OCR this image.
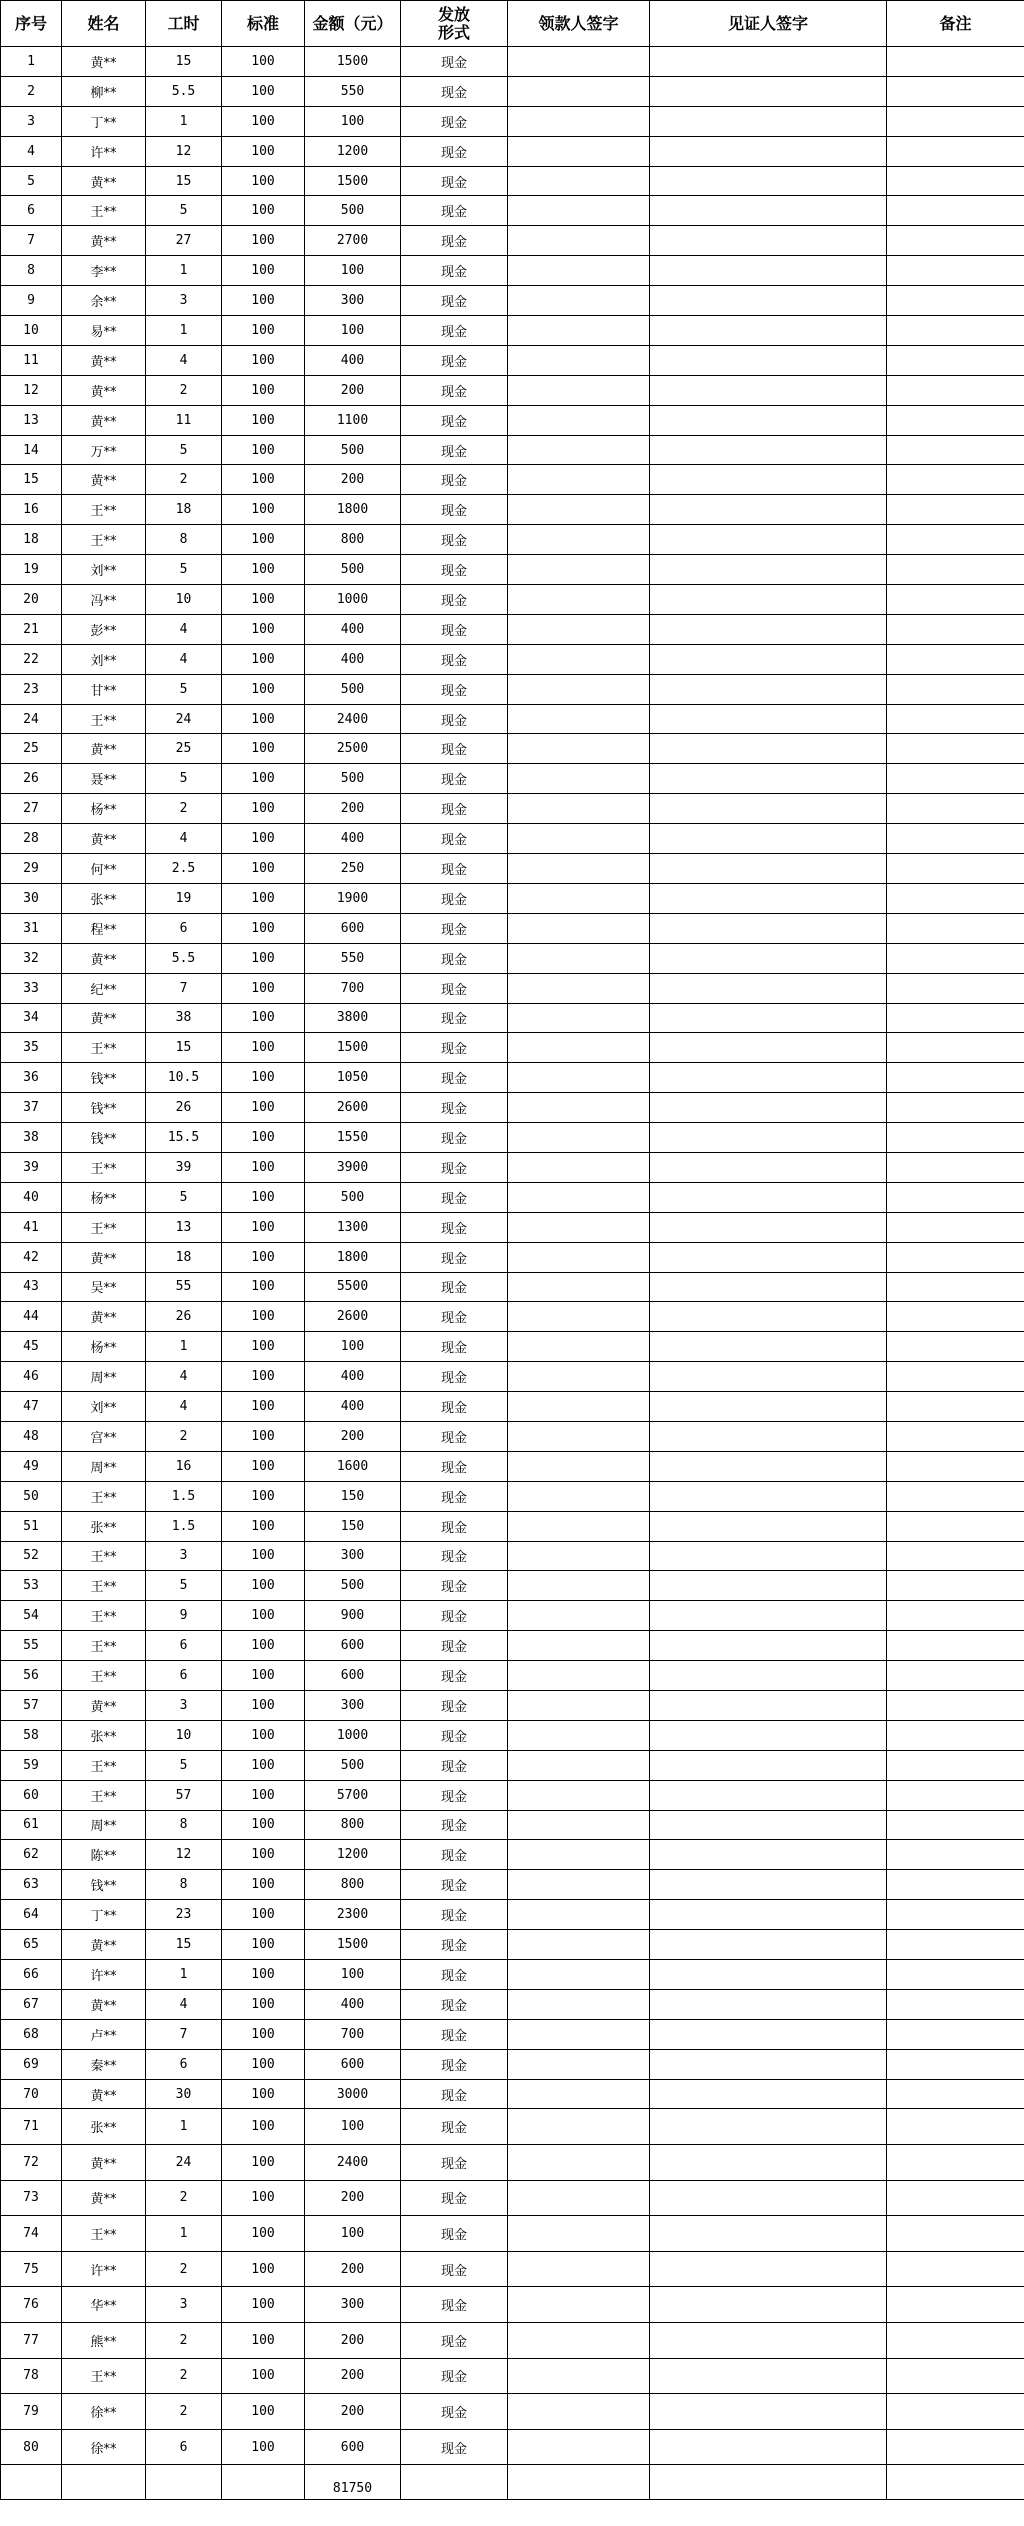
序号	姓名	工时	标准	金额（元）	发放形式	领款人签字	见证人签字	备注
1	黄**	15	100	1500	现金			
2	柳**	5.5	100	550	现金			
3	丁**	1	100	100	现金			
4	许**	12	100	1200	现金			
5	黄**	15	100	1500	现金			
6	王**	5	100	500	现金			
7	黄**	27	100	2700	现金			
8	李**	1	100	100	现金			
9	余**	3	100	300	现金			
10	易**	1	100	100	现金			
11	黄**	4	100	400	现金			
12	黄**	2	100	200	现金			
13	黄**	11	100	1100	现金			
14	万**	5	100	500	现金			
15	黄**	2	100	200	现金			
16	王**	18	100	1800	现金			
18	王**	8	100	800	现金			
19	刘**	5	100	500	现金			
20	冯**	10	100	1000	现金			
21	彭**	4	100	400	现金			
22	刘**	4	100	400	现金			
23	甘**	5	100	500	现金			
24	王**	24	100	2400	现金			
25	黄**	25	100	2500	现金			
26	聂**	5	100	500	现金			
27	杨**	2	100	200	现金			
28	黄**	4	100	400	现金			
29	何**	2.5	100	250	现金			
30	张**	19	100	1900	现金			
31	程**	6	100	600	现金			
32	黄**	5.5	100	550	现金			
33	纪**	7	100	700	现金			
34	黄**	38	100	3800	现金			
35	王**	15	100	1500	现金			
36	钱**	10.5	100	1050	现金			
37	钱**	26	100	2600	现金			
38	钱**	15.5	100	1550	现金			
39	王**	39	100	3900	现金			
40	杨**	5	100	500	现金			
41	王**	13	100	1300	现金			
42	黄**	18	100	1800	现金			
43	吴**	55	100	5500	现金			
44	黄**	26	100	2600	现金			
45	杨**	1	100	100	现金			
46	周**	4	100	400	现金			
47	刘**	4	100	400	现金			
48	宫**	2	100	200	现金			
49	周**	16	100	1600	现金			
50	王**	1.5	100	150	现金			
51	张**	1.5	100	150	现金			
52	王**	3	100	300	现金			
53	王**	5	100	500	现金			
54	王**	9	100	900	现金			
55	王**	6	100	600	现金			
56	王**	6	100	600	现金			
57	黄**	3	100	300	现金			
58	张**	10	100	1000	现金			
59	王**	5	100	500	现金			
60	王**	57	100	5700	现金			
61	周**	8	100	800	现金			
62	陈**	12	100	1200	现金			
63	钱**	8	100	800	现金			
64	丁**	23	100	2300	现金			
65	黄**	15	100	1500	现金			
66	许**	1	100	100	现金			
67	黄**	4	100	400	现金			
68	卢**	7	100	700	现金			
69	秦**	6	100	600	现金			
70	黄**	30	100	3000	现金			
71	张**	1	100	100	现金			
72	黄**	24	100	2400	现金			
73	黄**	2	100	200	现金			
74	王**	1	100	100	现金			
75	许**	2	100	200	现金			
76	华**	3	100	300	现金			
77	熊**	2	100	200	现金			
78	王**	2	100	200	现金			
79	徐**	2	100	200	现金			
80	徐**	6	100	600	现金			
				81750				
